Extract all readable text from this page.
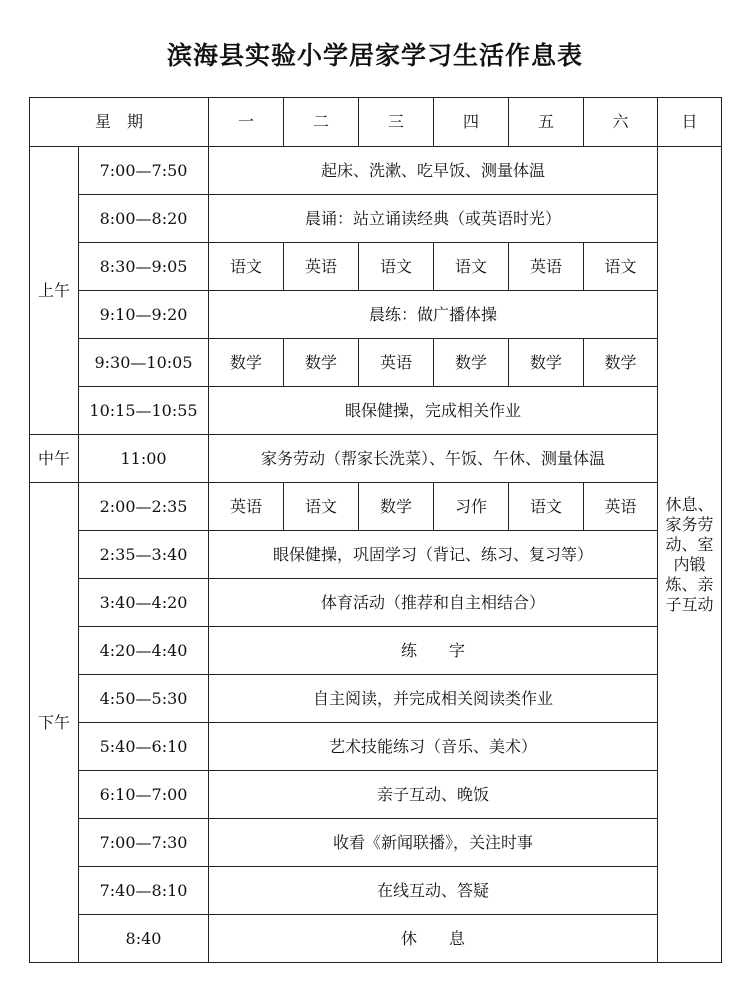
滨海县实验小学居家学习生活作息表
星　期		一	二	三	四	五	六	日
上午	7:00—7:50	起床、洗漱、吃早饭、测量体温						休息、家务劳动、室内锻炼、亲子互动
	8:00—8:20	晨诵：站立诵读经典（或英语时光）						
	8:30—9:05	语文	英语	语文	语文	英语	语文	
	9:10—9:20	晨练：做广播体操						
	9:30—10:05	数学	数学	英语	数学	数学	数学	
	10:15—10:55	眼保健操，完成相关作业						
中午	11:00	家务劳动（帮家长洗菜）、午饭、午休、测量体温						
下午	2:00—2:35	英语	语文	数学	习作	语文	英语	
	2:35—3:40	眼保健操，巩固学习（背记、练习、复习等）						
	3:40—4:20	体育活动（推荐和自主相结合）						
	4:20—4:40	练　　字						
	4:50—5:30	自主阅读，并完成相关阅读类作业						
	5:40—6:10	艺术技能练习（音乐、美术）						
	6:10—7:00	亲子互动、晚饭						
	7:00—7:30	收看《新闻联播》，关注时事						
	7:40—8:10	在线互动、答疑						
	8:40	休　　息						
